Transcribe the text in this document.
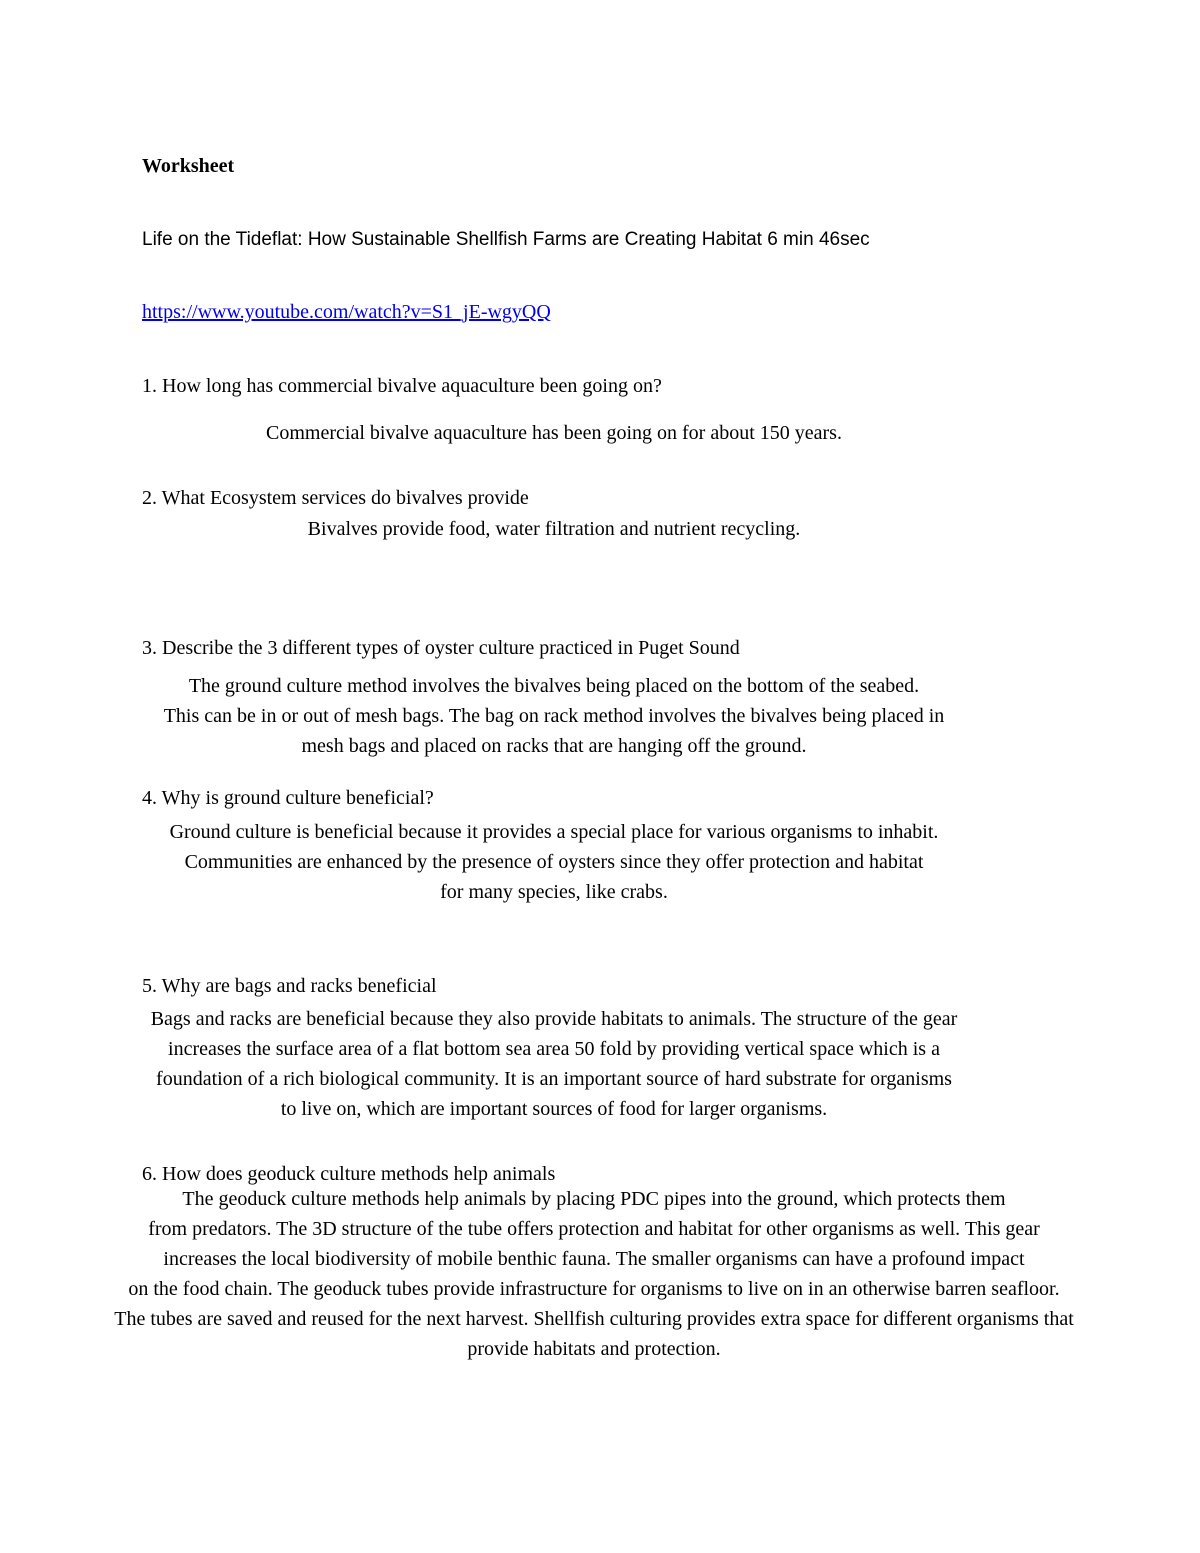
Worksheet
Life on the Tideflat: How Sustainable Shellfish Farms are Creating Habitat 6 min 46sec
https://www.youtube.com/watch?v=S1_jE-wgyQQ
1. How long has commercial bivalve aquaculture been going on?
Commercial bivalve aquaculture has been going on for about 150 years.
2. What Ecosystem services do bivalves provide
Bivalves provide food, water filtration and nutrient recycling.
3. Describe the 3 different types of oyster culture practiced in Puget Sound
The ground culture method involves the bivalves being placed on the bottom of the seabed.
This can be in or out of mesh bags. The bag on rack method involves the bivalves being placed in
mesh bags and placed on racks that are hanging off the ground.
4. Why is ground culture beneficial?
Ground culture is beneficial because it provides a special place for various organisms to inhabit.
Communities are enhanced by the presence of oysters since they offer protection and habitat
for many species, like crabs.
5. Why are bags and racks beneficial
Bags and racks are beneficial because they also provide habitats to animals. The structure of the gear
increases the surface area of a flat bottom sea area 50 fold by providing vertical space which is a
foundation of a rich biological community. It is an important source of hard substrate for organisms
to live on, which are important sources of food for larger organisms.
6. How does geoduck culture methods help animals
The geoduck culture methods help animals by placing PDC pipes into the ground, which protects them
from predators. The 3D structure of the tube offers protection and habitat for other organisms as well. This gear
increases the local biodiversity of mobile benthic fauna. The smaller organisms can have a profound impact
on the food chain. The geoduck tubes provide infrastructure for organisms to live on in an otherwise barren seafloor.
The tubes are saved and reused for the next harvest. Shellfish culturing provides extra space for different organisms that
provide habitats and protection.
